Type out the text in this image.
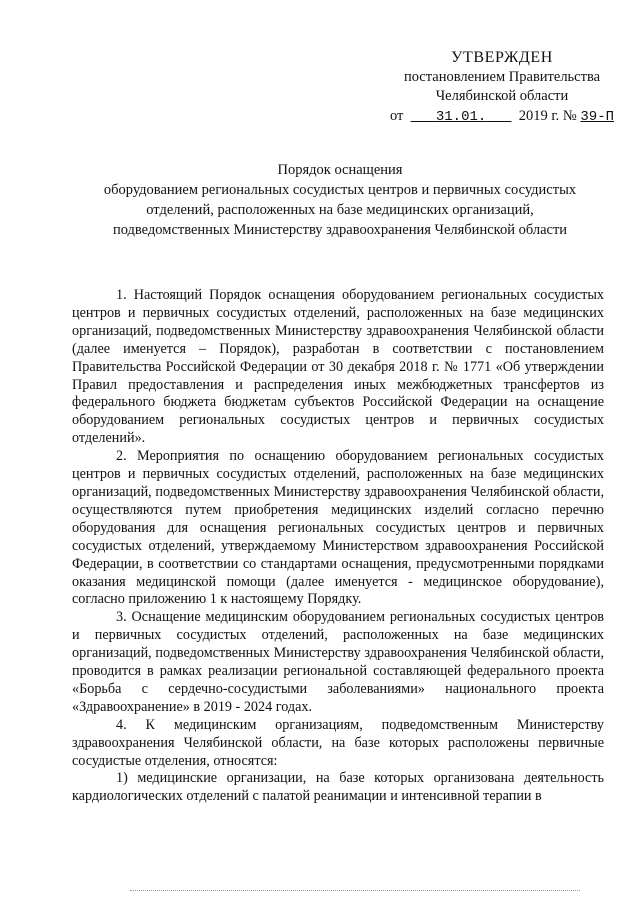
УТВЕРЖДЕН
постановлением Правительства
Челябинской области
от 31.01. 2019 г. № 39-П
Порядок оснащения
оборудованием региональных сосудистых центров и первичных сосудистых
отделений, расположенных на базе медицинских организаций,
подведомственных Министерству здравоохранения Челябинской области

1. Настоящий Порядок оснащения оборудованием региональных сосудистых центров и первичных сосудистых отделений, расположенных на базе медицинских организаций, подведомственных Министерству здравоохранения Челябинской области (далее именуется – Порядок), разработан в соответствии с постановлением Правительства Российской Федерации от 30 декабря 2018 г. № 1771 «Об утверждении Правил предоставления и распределения иных межбюджетных трансфертов из федерального бюджета бюджетам субъектов Российской Федерации на оснащение оборудованием региональных сосудистых центров и первичных сосудистых отделений».

2. Мероприятия по оснащению оборудованием региональных сосудистых центров и первичных сосудистых отделений, расположенных на базе медицинских организаций, подведомственных Министерству здравоохранения Челябинской области, осуществляются путем приобретения медицинских изделий согласно перечню оборудования для оснащения региональных сосудистых центров и первичных сосудистых отделений, утверждаемому Министерством здравоохранения Российской Федерации, в соответствии со стандартами оснащения, предусмотренными порядками оказания медицинской помощи (далее именуется - медицинское оборудование), согласно приложению 1 к настоящему Порядку.

3. Оснащение медицинским оборудованием региональных сосудистых центров и первичных сосудистых отделений, расположенных на базе медицинских организаций, подведомственных Министерству здравоохранения Челябинской области, проводится в рамках реализации региональной составляющей федерального проекта «Борьба с сердечно-сосудистыми заболеваниями» национального проекта «Здравоохранение» в 2019 - 2024 годах.

4. К медицинским организациям, подведомственным Министерству здравоохранения Челябинской области, на базе которых расположены первичные сосудистые отделения, относятся:

1) медицинские организации, на базе которых организована деятельность кардиологических отделений с палатой реанимации и интенсивной терапии в
